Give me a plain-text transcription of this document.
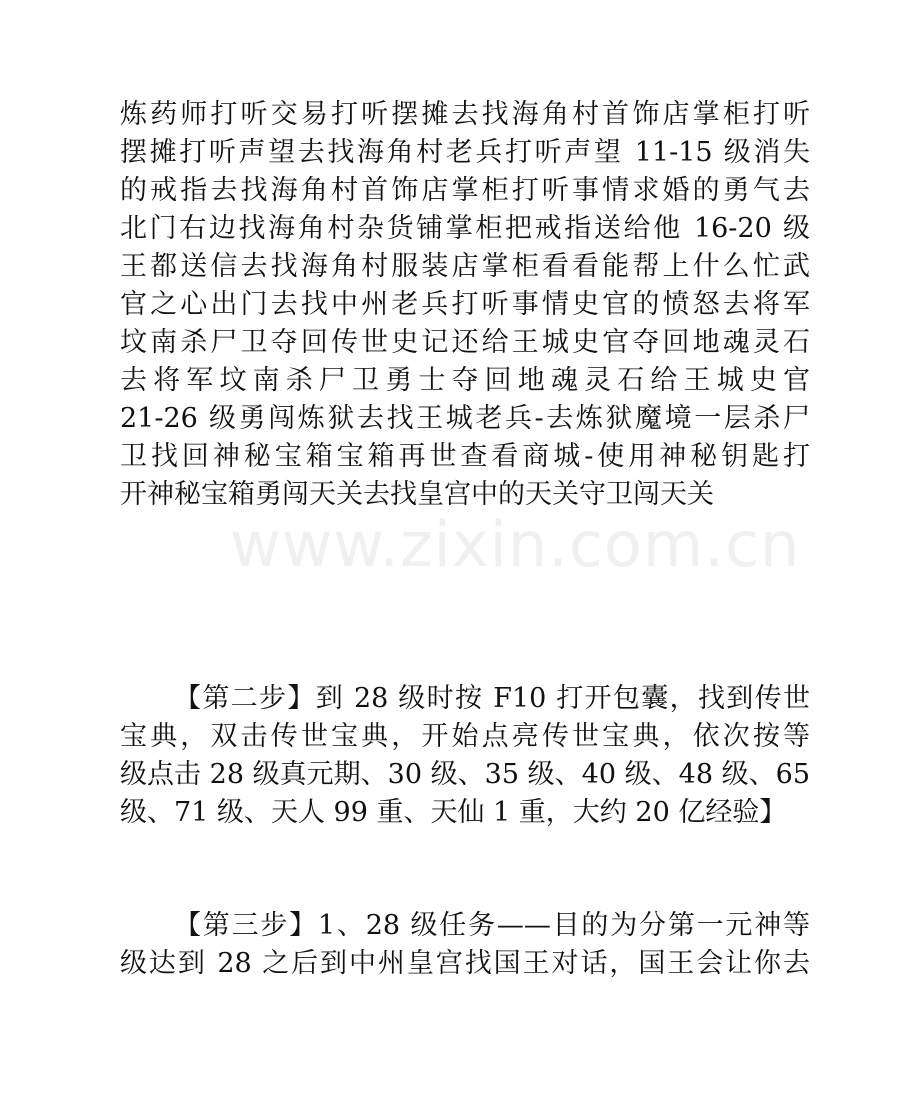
炼药师打听交易打听摆摊去找海角村首饰店掌柜打听
摆摊打听声望去找海角村老兵打听声望 11-15 级消失
的戒指去找海角村首饰店掌柜打听事情求婚的勇气去
北门右边找海角村杂货铺掌柜把戒指送给他 16-20 级
王都送信去找海角村服装店掌柜看看能帮上什么忙武
官之心出门去找中州老兵打听事情史官的愤怒去将军
坟南杀尸卫夺回传世史记还给王城史官夺回地魂灵石
去将军坟南杀尸卫勇士夺回地魂灵石给王城史官
21-26 级勇闯炼狱去找王城老兵-去炼狱魔境一层杀尸
卫找回神秘宝箱宝箱再世查看商城-使用神秘钥匙打
开神秘宝箱勇闯天关去找皇宫中的天关守卫闯天关
【第二步】到 28 级时按 F10 打开包囊，找到传世
宝典，双击传世宝典，开始点亮传世宝典，依次按等
级点击 28 级真元期、30 级、35 级、40 级、48 级、65
级、71 级、天人 99 重、天仙 1 重，大约 20 亿经验】
【第三步】1、28 级任务——目的为分第一元神等
级达到 28 之后到中州皇宫找国王对话，国王会让你去
www.zixin.com.cn
